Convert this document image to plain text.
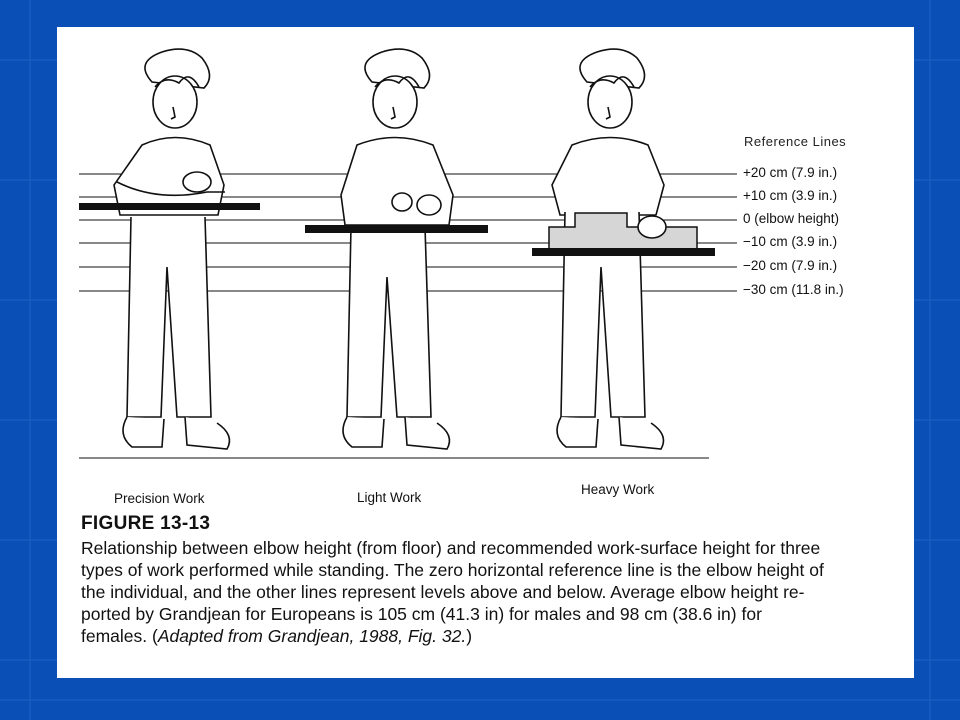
Reference Lines
+20 cm (7.9 in.)
+10 cm (3.9 in.)
0 (elbow height)
−10 cm (3.9 in.)
−20 cm (7.9 in.)
−30 cm (11.8 in.)
Precision Work	Light Work
Heavy Work
FIGURE 13-13
Relationship between elbow height (from floor) and recommended work-surface height for three
types of work performed while standing. The zero horizontal reference line is the elbow height of
the individual, and the other lines represent levels above and below. Average elbow height re-
ported by Grandjean for Europeans is 105 cm (41.3 in) for males and 98 cm (38.6 in) for
females. (Adapted from Grandjean, 1988, Fig. 32.)
